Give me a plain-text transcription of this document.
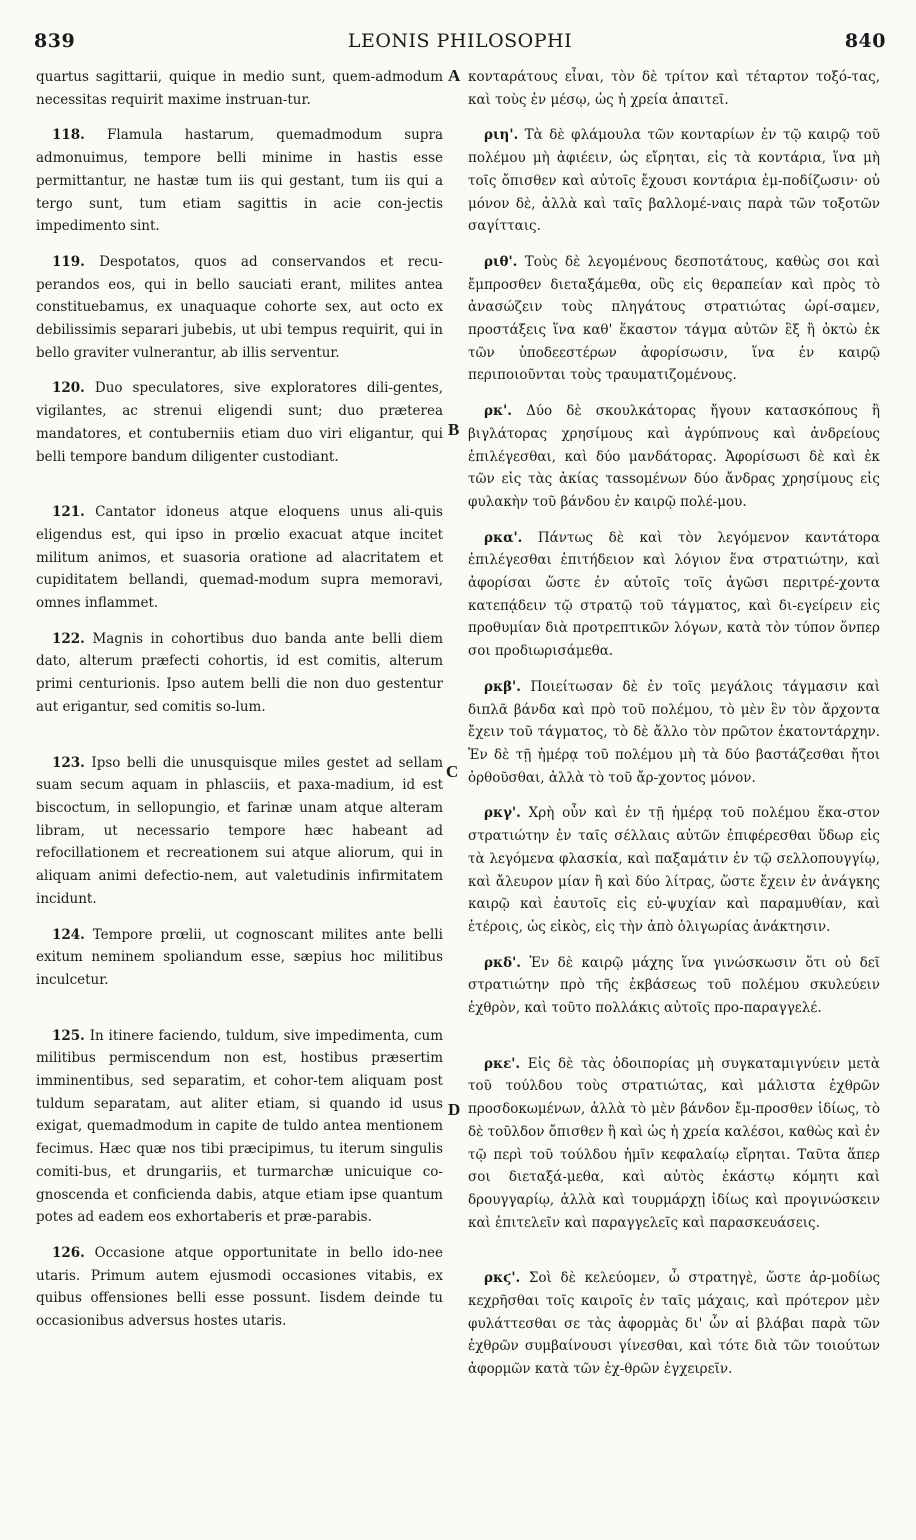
839	LEONIS PHILOSOPHI	840

quartus sagittarii, quique in medio sunt, quem-admodum necessitas requirit maxime instruan-tur.

118. Flamula hastarum, quemadmodum supra admonuimus, tempore belli minime in hastis esse permittantur, ne hastæ tum iis qui gestant, tum iis qui a tergo sunt, tum etiam sagittis in acie con-jectis impedimento sint.

119. Despotatos, quos ad conservandos et recu-perandos eos, qui in bello sauciati erant, milites antea constituebamus, ex unaquaque cohorte sex, aut octo ex debilissimis separari jubebis, ut ubi tempus requirit, qui in bello graviter vulnerantur, ab illis serventur.

120. Duo speculatores, sive exploratores dili-gentes, vigilantes, ac strenui eligendi sunt; duo præterea mandatores, et contuberniis etiam duo viri eligantur, qui belli tempore bandum diligenter custodiant.

121. Cantator idoneus atque eloquens unus ali-quis eligendus est, qui ipso in prœlio exacuat atque incitet militum animos, et suasoria oratione ad alacritatem et cupiditatem bellandi, quemad-modum supra memoravi, omnes inflammet.

122. Magnis in cohortibus duo banda ante belli diem dato, alterum præfecti cohortis, id est comitis, alterum primi centurionis. Ipso autem belli die non duo gestentur aut erigantur, sed comitis so-lum.

123. Ipso belli die unusquisque miles gestet ad sellam suam secum aquam in phlasciis, et paxa-madium, id est biscoctum, in sellopungio, et farinæ unam atque alteram libram, ut necessario tempore hæc habeant ad refocillationem et recreationem sui atque aliorum, qui in aliquam animi defectio-nem, aut valetudinis infirmitatem incidunt.

124. Tempore prœlii, ut cognoscant milites ante belli exitum neminem spoliandum esse, sæpius hoc militibus inculcetur.

125. In itinere faciendo, tuldum, sive impedimenta, cum militibus permiscendum non est, hostibus præsertim imminentibus, sed separatim, et cohor-tem aliquam post tuldum separatam, aut aliter etiam, si quando id usus exigat, quemadmodum in capite de tuldo antea mentionem fecimus. Hæc quæ nos tibi præcipimus, tu iterum singulis comiti-bus, et drungariis, et turmarchæ unicuique co-gnoscenda et conficienda dabis, atque etiam ipse quantum potes ad eadem eos exhortaberis et præ-parabis.

126. Occasione atque opportunitate in bello ido-nee utaris. Primum autem ejusmodi occasiones vitabis, ex quibus offensiones belli esse possunt. Iisdem deinde tu occasionibus adversus hostes utaris.

κονταράτους εἶναι, τὸν δὲ τρίτον καὶ τέταρτον τοξό-τας, καὶ τοὺς ἐν μέσῳ, ὡς ἡ χρεία ἀπαιτεῖ.

ριη'. Τὰ δὲ φλάμουλα τῶν κονταρίων ἐν τῷ καιρῷ τοῦ πολέμου μὴ ἀφιέειν, ὡς εἴρηται, εἰς τὰ κοντάρια, ἵνα μὴ τοῖς ὄπισθεν καὶ αὐτοῖς ἔχουσι κοντάρια ἐμ-ποδίζωσιν· οὐ μόνον δὲ, ἀλλὰ καὶ ταῖς βαλλομέ-ναις παρὰ τῶν τοξοτῶν σαγίτταις.

ριθ'. Τοὺς δὲ λεγομένους δεσποτάτους, καθὼς σοι καὶ ἔμπροσθεν διεταξάμεθα, οὓς εἰς θεραπείαν καὶ πρὸς τὸ ἀνασώζειν τοὺς πληγάτους στρατιώτας ὡρί-σαμεν, προστάξεις ἵνα καθ' ἕκαστον τάγμα αὐτῶν ἓξ ἢ ὀκτὼ ἐκ τῶν ὑποδεεστέρων ἀφορίσωσιν, ἵνα ἐν καιρῷ περιποιοῦνται τοὺς τραυματιζομένους.

ρκ'. Δύο δὲ σκουλκάτορας ἤγουν κατασκόπους ἢ βιγλάτορας χρησίμους καὶ ἀγρύπνους καὶ ἀνδρείους ἐπιλέγεσθαι, καὶ δύο μανδάτορας. Ἀφορίσωσι δὲ καὶ ἐκ τῶν εἰς τὰς ἀκίας ταssoμένων δύο ἄνδρας χρησίμους εἰς φυλακὴν τοῦ βάνδου ἐν καιρῷ πολέ-μου.

ρκα'. Πάντως δὲ καὶ τὸν λεγόμενον καντάτορα ἐπιλέγεσθαι ἐπιτήδειον καὶ λόγιον ἕνα στρατιώτην, καὶ ἀφορίσαι ὥστε ἐν αὐτοῖς τοῖς ἀγῶσι περιτρέ-χοντα κατεπᾴδειν τῷ στρατῷ τοῦ τάγματος, καὶ δι-εγείρειν εἰς προθυμίαν διὰ προτρεπτικῶν λόγων, κατὰ τὸν τύπον ὅνπερ σοι προδιωρισάμεθα.

ρκβ'. Ποιείτωσαν δὲ ἐν τοῖς μεγάλοις τάγμασιν καὶ διπλᾶ βάνδα καὶ πρὸ τοῦ πολέμου, τὸ μὲν ἓν τὸν ἄρχοντα ἔχειν τοῦ τάγματος, τὸ δὲ ἄλλο τὸν πρῶτον ἑκατοντάρχην. Ἐν δὲ τῇ ἡμέρᾳ τοῦ πολέμου μὴ τὰ δύο βαστάζεσθαι ἤτοι ὀρθοῦσθαι, ἀλλὰ τὸ τοῦ ἄρ-χοντος μόνον.

ρκγ'. Χρὴ οὖν καὶ ἐν τῇ ἡμέρᾳ τοῦ πολέμου ἕκα-στον στρατιώτην ἐν ταῖς σέλλαις αὐτῶν ἐπιφέρεσθαι ὕδωρ εἰς τὰ λεγόμενα φλασκία, καὶ παξαμάτιν ἐν τῷ σελλοπουγγίῳ, καὶ ἄλευρον μίαν ἢ καὶ δύο λίτρας, ὥστε ἔχειν ἐν ἀνάγκης καιρῷ καὶ ἑαυτοῖς εἰς εὐ-ψυχίαν καὶ παραμυθίαν, καὶ ἑτέροις, ὡς εἰκὸς, εἰς τὴν ἀπὸ ὀλιγωρίας ἀνάκτησιν.

ρκδ'. Ἐν δὲ καιρῷ μάχης ἵνα γινώσκωσιν ὅτι οὐ δεῖ στρατιώτην πρὸ τῆς ἐκβάσεως τοῦ πολέμου σκυλεύειν ἐχθρὸν, καὶ τοῦτο πολλάκις αὐτοῖς προ-παραγγελέ.

ρκε'. Εἰς δὲ τὰς ὁδοιπορίας μὴ συγκαταμιγνύειν μετὰ τοῦ τούλδου τοὺς στρατιώτας, καὶ μάλιστα ἐχθρῶν προσδοκωμένων, ἀλλὰ τὸ μὲν βάνδον ἔμ-προσθεν ἰδίως, τὸ δὲ τοῦλδον ὄπισθεν ἢ καὶ ὡς ἡ χρεία καλέσοι, καθὼς καὶ ἐν τῷ περὶ τοῦ τούλδου ἡμῖν κεφαλαίῳ εἴρηται. Ταῦτα ἅπερ σοι διεταξά-μεθα, καὶ αὐτὸς ἑκάστῳ κόμητι καὶ δρουγγαρίῳ, ἀλλὰ καὶ τουρμάρχῃ ἰδίως καὶ προγινώσκειν καὶ ἐπιτελεῖν καὶ παραγγελεῖς καὶ παρασκευάσεις.

ρκϛ'. Σοὶ δὲ κελεύομεν, ὦ στρατηγὲ, ὥστε ἁρ-μοδίως κεχρῆσθαι τοῖς καιροῖς ἐν ταῖς μάχαις, καὶ πρότερον μὲν φυλάττεσθαι σε τὰς ἀφορμὰς δι' ὧν αἱ βλάβαι παρὰ τῶν ἐχθρῶν συμβαίνουσι γίνεσθαι, καὶ τότε διὰ τῶν τοιούτων ἀφορμῶν κατὰ τῶν ἐχ-θρῶν ἐγχειρεῖν.

A
B
C
D
